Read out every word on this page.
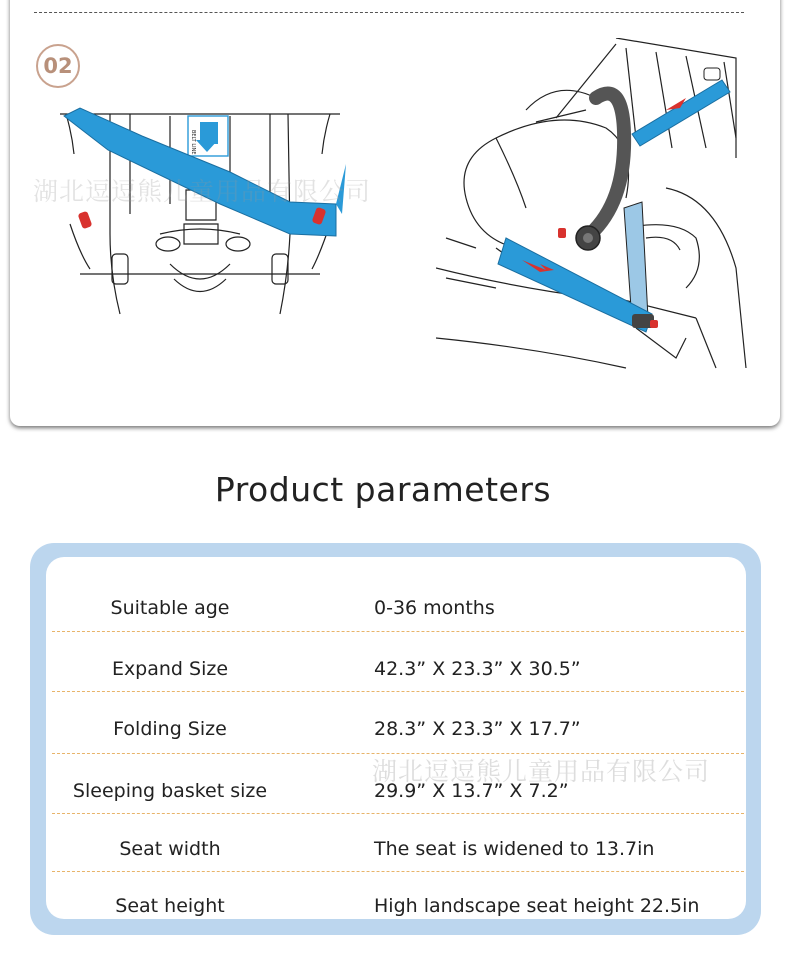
02
BELT LINE
湖北逗逗熊儿童用品有限公司
Product parameters
Suitable age	0-36 months
Expand Size	42.3” X 23.3” X 30.5”
Folding Size	28.3” X 23.3” X 17.7”
Sleeping basket size	29.9” X 13.7” X 7.2”
Seat width	The seat is widened to 13.7in
Seat height	High landscape seat height 22.5in
湖北逗逗熊儿童用品有限公司
